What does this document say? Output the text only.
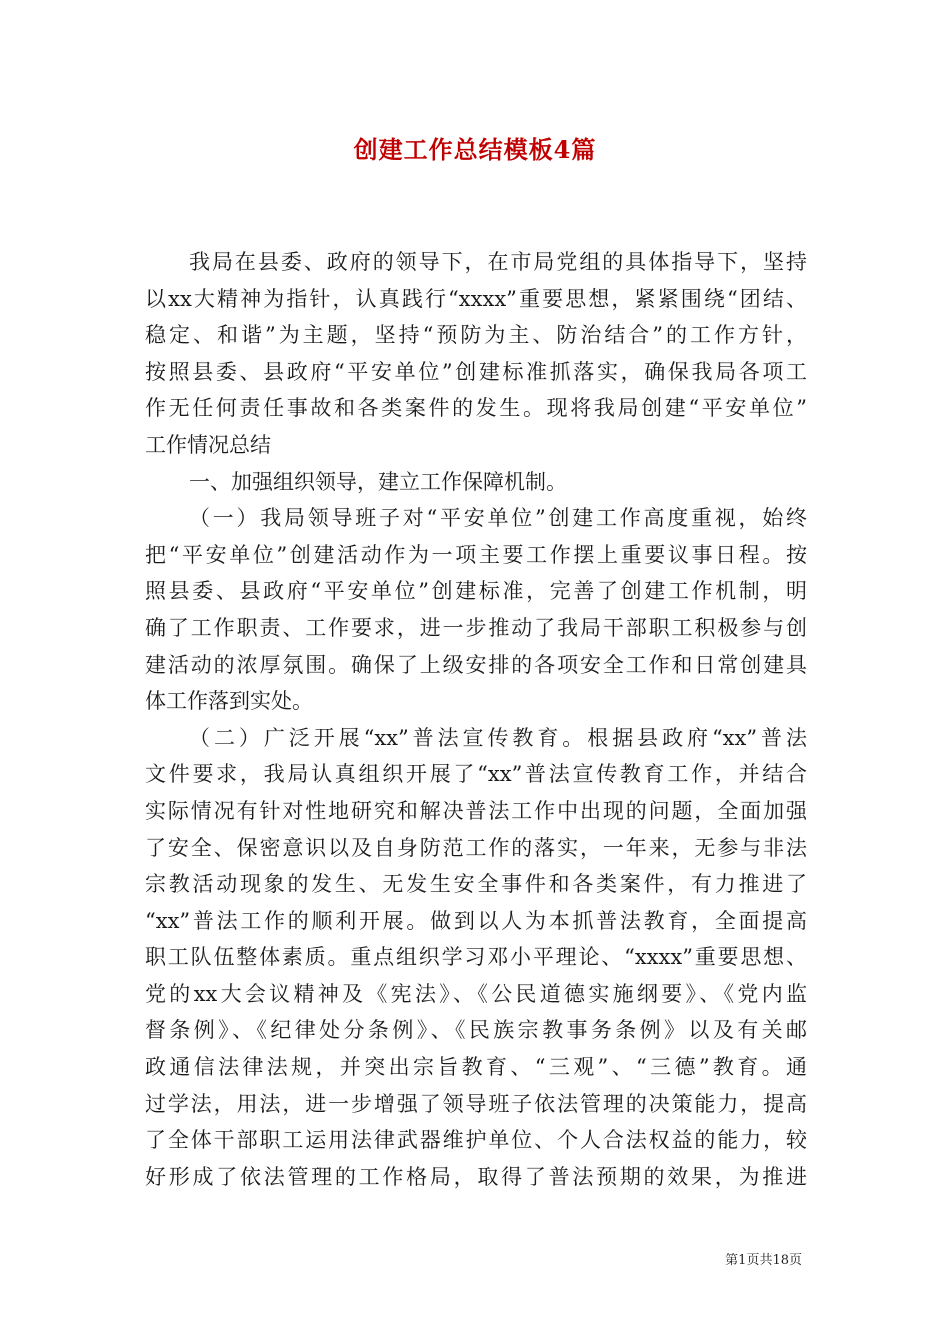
创建工作总结模板4篇
我局在县委、政府的领导下，在市局党组的具体指导下，坚持
以xx大精神为指针，认真践行“xxxx”重要思想，紧紧围绕“团结、
稳定、和谐”为主题，坚持“预防为主、防治结合”的工作方针，
按照县委、县政府“平安单位”创建标准抓落实，确保我局各项工
作无任何责任事故和各类案件的发生。现将我局创建“平安单位”
工作情况总结
一、加强组织领导，建立工作保障机制。
（一）我局领导班子对“平安单位”创建工作高度重视，始终
把“平安单位”创建活动作为一项主要工作摆上重要议事日程。按
照县委、县政府“平安单位”创建标准，完善了创建工作机制，明
确了工作职责、工作要求，进一步推动了我局干部职工积极参与创
建活动的浓厚氛围。确保了上级安排的各项安全工作和日常创建具
体工作落到实处。
（二）广泛开展“xx”普法宣传教育。根据县政府“xx”普法
文件要求，我局认真组织开展了“xx”普法宣传教育工作，并结合
实际情况有针对性地研究和解决普法工作中出现的问题，全面加强
了安全、保密意识以及自身防范工作的落实，一年来，无参与非法
宗教活动现象的发生、无发生安全事件和各类案件，有力推进了
“xx”普法工作的顺利开展。做到以人为本抓普法教育，全面提高
职工队伍整体素质。重点组织学习邓小平理论、“xxxx”重要思想、
党的xx大会议精神及《宪法》、《公民道德实施纲要》、《党内监
督条例》、《纪律处分条例》、《民族宗教事务条例》以及有关邮
政通信法律法规，并突出宗旨教育、“三观”、“三德”教育。通
过学法，用法，进一步增强了领导班子依法管理的决策能力，提高
了全体干部职工运用法律武器维护单位、个人合法权益的能力，较
好形成了依法管理的工作格局，取得了普法预期的效果，为推进
第1页共18页
